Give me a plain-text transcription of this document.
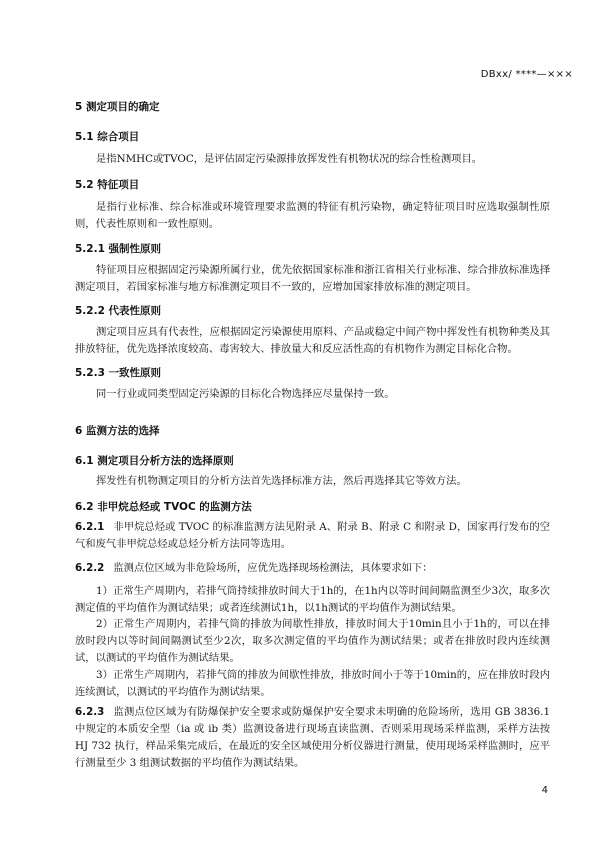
DBxx/ ****—×××
5 测定项目的确定
5.1 综合项目
是指NMHC或TVOC，是评估固定污染源排放挥发性有机物状况的综合性检测项目。
5.2 特征项目
是指行业标准、综合标准或环境管理要求监测的特征有机污染物，确定特征项目时应选取强制性原则，代表性原则和一致性原则。
5.2.1 强制性原则
特征项目应根据固定污染源所属行业，优先依据国家标准和浙江省相关行业标准、综合排放标准选择测定项目，若国家标准与地方标准测定项目不一致的，应增加国家排放标准的测定项目。
5.2.2 代表性原则
测定项目应具有代表性，应根据固定污染源使用原料、产品或稳定中间产物中挥发性有机物种类及其排放特征，优先选择浓度较高、毒害较大、排放量大和反应活性高的有机物作为测定目标化合物。
5.2.3 一致性原则
同一行业或同类型固定污染源的目标化合物选择应尽量保持一致。
6 监测方法的选择
6.1 测定项目分析方法的选择原则
挥发性有机物测定项目的分析方法首先选择标准方法，然后再选择其它等效方法。
6.2 非甲烷总烃或 TVOC 的监测方法
6.2.1 非甲烷总烃或 TVOC 的标准监测方法见附录 A、附录 B、附录 C 和附录 D，国家再行发布的空气和废气非甲烷总烃或总烃分析方法同等选用。
6.2.2 监测点位区域为非危险场所，应优先选择现场检测法，具体要求如下：
1）正常生产周期内，若排气筒持续排放时间大于1h的，在1h内以等时间间隔监测至少3次，取多次测定值的平均值作为测试结果；或者连续测试1h，以1h测试的平均值作为测试结果。
2）正常生产周期内，若排气筒的排放为间歇性排放，排放时间大于10min且小于1h的，可以在排放时段内以等时间间隔测试至少2次，取多次测定值的平均值作为测试结果；或者在排放时段内连续测试，以测试的平均值作为测试结果。
3）正常生产周期内，若排气筒的排放为间歇性排放，排放时间小于等于10min的，应在排放时段内连续测试，以测试的平均值作为测试结果。
6.2.3 监测点位区域为有防爆保护安全要求或防爆保护安全要求未明确的危险场所，选用 GB 3836.1 中规定的本质安全型（ia 或 ib 类）监测设备进行现场直读监测、否则采用现场采样监测，采样方法按 HJ 732 执行，样品采集完成后，在最近的安全区域使用分析仪器进行测量，使用现场采样监测时，应平行测量至少 3 组测试数据的平均值作为测试结果。
4
